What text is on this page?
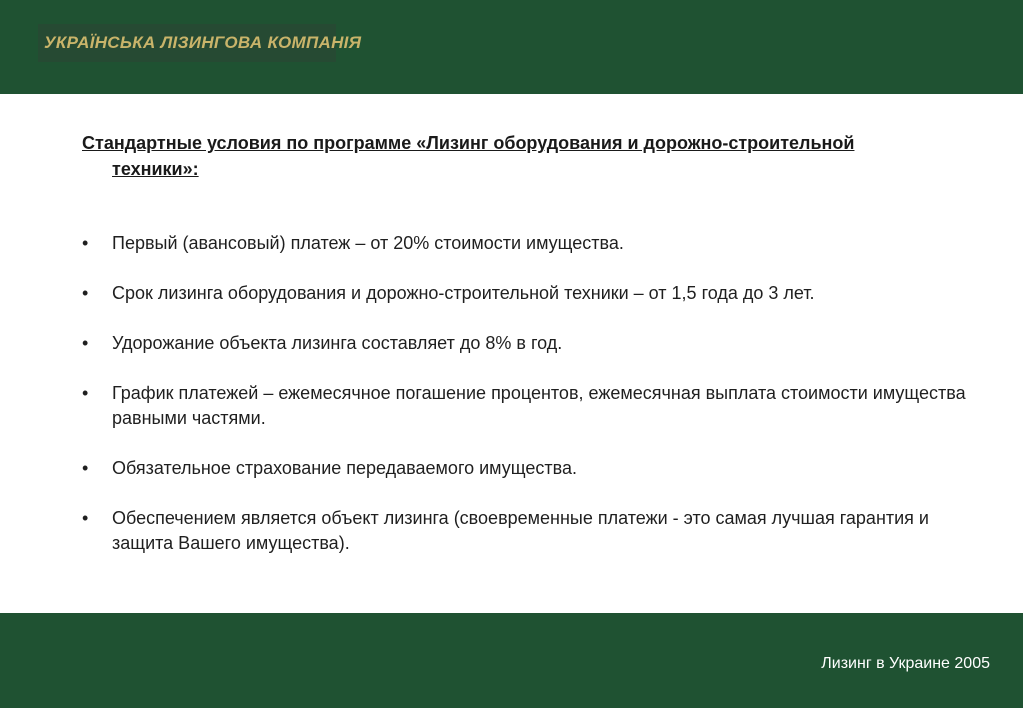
УКРАЇНСЬКА ЛІЗИНГОВА КОМПАНІЯ
Стандартные условия по программе «Лизинг оборудования и дорожно-строительной техники»:
•	Первый (авансовый) платеж – от 20% стоимости имущества.
•	Срок лизинга оборудования и дорожно-строительной техники – от 1,5 года до 3 лет.
•	Удорожание объекта лизинга составляет до 8% в год.
•	График платежей – ежемесячное погашение процентов, ежемесячная выплата стоимости имущества равными частями.
•	Обязательное страхование передаваемого имущества.
•	Обеспечением является объект лизинга (своевременные платежи - это самая лучшая гарантия и защита Вашего имущества).
Лизинг в Украине 2005
